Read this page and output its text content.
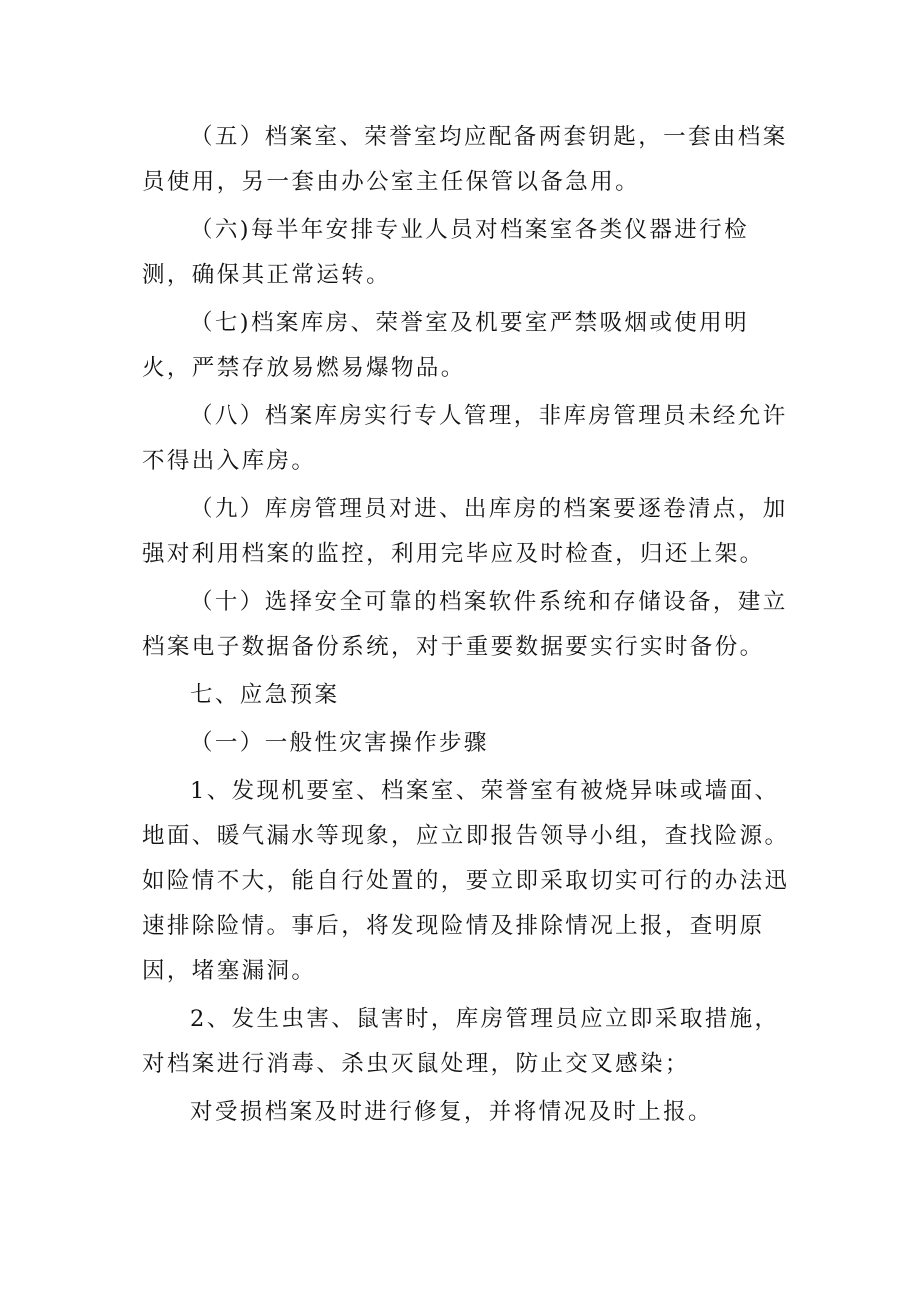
（五）档案室、荣誉室均应配备两套钥匙，一套由档案员使用，另一套由办公室主任保管以备急用。

（六)每半年安排专业人员对档案室各类仪器进行检测，确保其正常运转。

（七)档案库房、荣誉室及机要室严禁吸烟或使用明火，严禁存放易燃易爆物品。

（八）档案库房实行专人管理，非库房管理员未经允许不得出入库房。

（九）库房管理员对进、出库房的档案要逐卷清点，加强对利用档案的监控，利用完毕应及时检查，归还上架。

（十）选择安全可靠的档案软件系统和存储设备，建立档案电子数据备份系统，对于重要数据要实行实时备份。

七、应急预案

（一）一般性灾害操作步骤

1、发现机要室、档案室、荣誉室有被烧异味或墙面、地面、暖气漏水等现象，应立即报告领导小组，查找险源。如险情不大，能自行处置的，要立即采取切实可行的办法迅速排除险情。事后，将发现险情及排除情况上报，查明原因，堵塞漏洞。

2、发生虫害、鼠害时，库房管理员应立即采取措施，对档案进行消毒、杀虫灭鼠处理，防止交叉感染；

对受损档案及时进行修复，并将情况及时上报。
